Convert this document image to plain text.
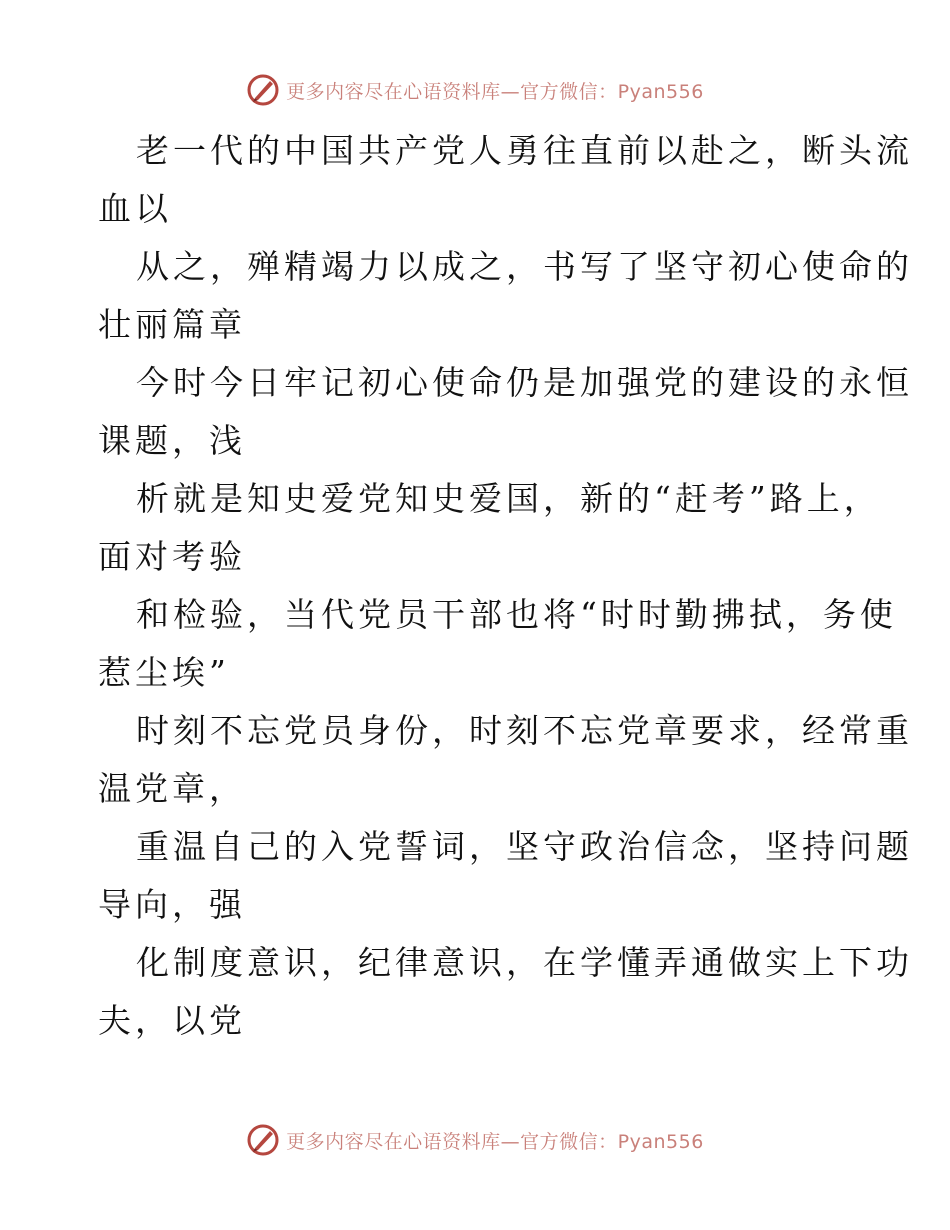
更多内容尽在心语资料库—官方微信：Pyan556

老一代的中国共产党人勇往直前以赴之，断头流
血以

从之，殚精竭力以成之，书写了坚守初心使命的
壮丽篇章

今时今日牢记初心使命仍是加强党的建设的永恒
课题，浅

析就是知史爱党知史爱国，新的“赶考”路上，
面对考验

和检验，当代党员干部也将“时时勤拂拭，务使
惹尘埃”

时刻不忘党员身份，时刻不忘党章要求，经常重
温党章，

重温自己的入党誓词，坚守政治信念，坚持问题
导向，强

化制度意识，纪律意识，在学懂弄通做实上下功
夫，以党

更多内容尽在心语资料库—官方微信：Pyan556
